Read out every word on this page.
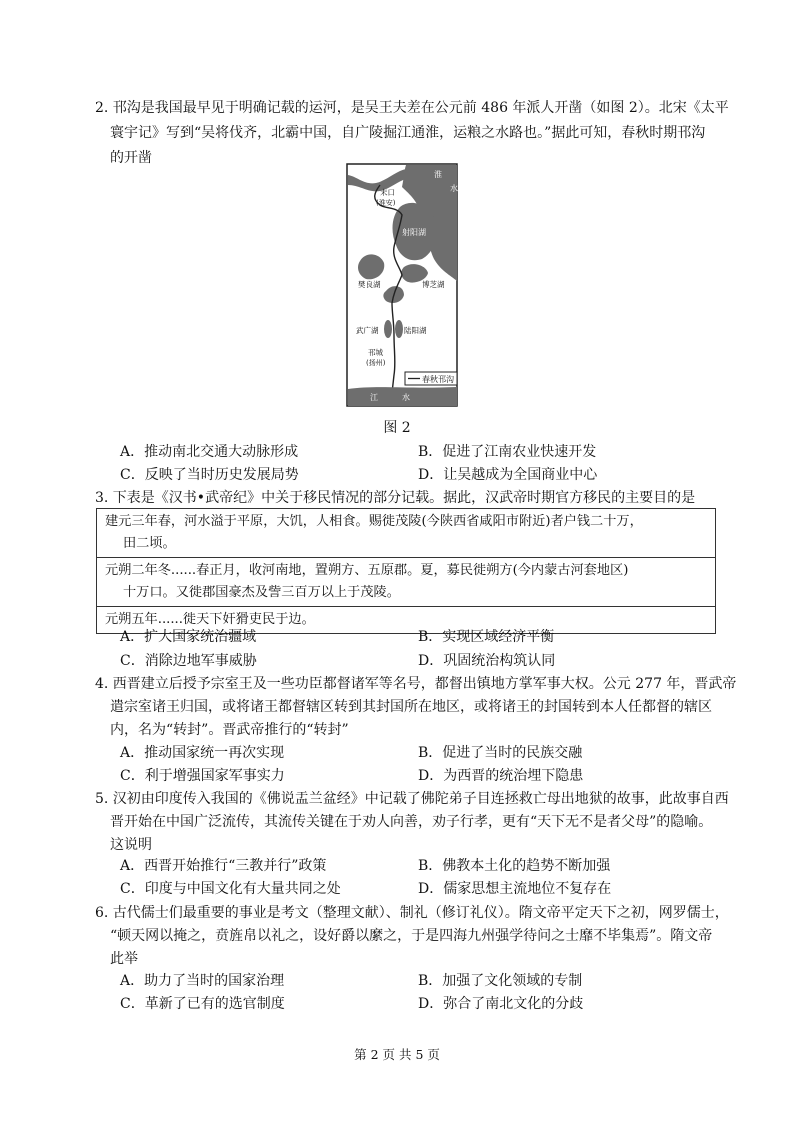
2. 邗沟是我国最早见于明确记载的运河，是吴王夫差在公元前 486 年派人开凿（如图 2）。北宋《太平
寰宇记》写到“吴将伐齐，北霸中国，自广陵掘江通淮，运粮之水路也。”据此可知，春秋时期邗沟
的开凿
春秋邗沟
淮
水
末口
(淮安)
射阳湖
樊良湖	博芝湖
武广湖	陆阳湖
邗城
(扬州)
江	水
图 2
A．推动南北交通大动脉形成	B．促进了江南农业快速开发
C．反映了当时历史发展局势	D．让吴越成为全国商业中心
3. 下表是《汉书•武帝纪》中关于移民情况的部分记载。据此，汉武帝时期官方移民的主要目的是
建元三年春，河水溢于平原，大饥，人相食。赐徙茂陵(今陕西省咸阳市附近)者户钱二十万，
田二顷。
元朔二年冬......春正月，收河南地，置朔方、五原郡。夏，募民徙朔方(今内蒙古河套地区)
十万口。又徙郡国豪杰及訾三百万以上于茂陵。
元朔五年......徙天下奸猾吏民于边。
A．扩大国家统治疆域	B．实现区域经济平衡
C．消除边地军事威胁	D．巩固统治构筑认同
4. 西晋建立后授予宗室王及一些功臣都督诸军等名号，都督出镇地方掌军事大权。公元 277 年，晋武帝
遣宗室诸王归国，或将诸王都督辖区转到其封国所在地区，或将诸王的封国转到本人任都督的辖区
内，名为“转封”。晋武帝推行的“转封”
A．推动国家统一再次实现	B．促进了当时的民族交融
C．利于增强国家军事实力	D．为西晋的统治埋下隐患
5. 汉初由印度传入我国的《佛说盂兰盆经》中记载了佛陀弟子目连拯救亡母出地狱的故事，此故事自西
晋开始在中国广泛流传，其流传关键在于劝人向善，劝子行孝，更有“天下无不是者父母”的隐喻。
这说明
A．西晋开始推行“三教并行”政策	B．佛教本土化的趋势不断加强
C．印度与中国文化有大量共同之处	D．儒家思想主流地位不复存在
6. 古代儒士们最重要的事业是考文（整理文献）、制礼（修订礼仪）。隋文帝平定天下之初，网罗儒士，
“顿天网以掩之，贲旌帛以礼之，设好爵以縻之，于是四海九州强学待问之士靡不毕集焉”。隋文帝
此举
A．助力了当时的国家治理	B．加强了文化领域的专制
C．革新了已有的选官制度	D．弥合了南北文化的分歧
第 2 页 共 5 页
